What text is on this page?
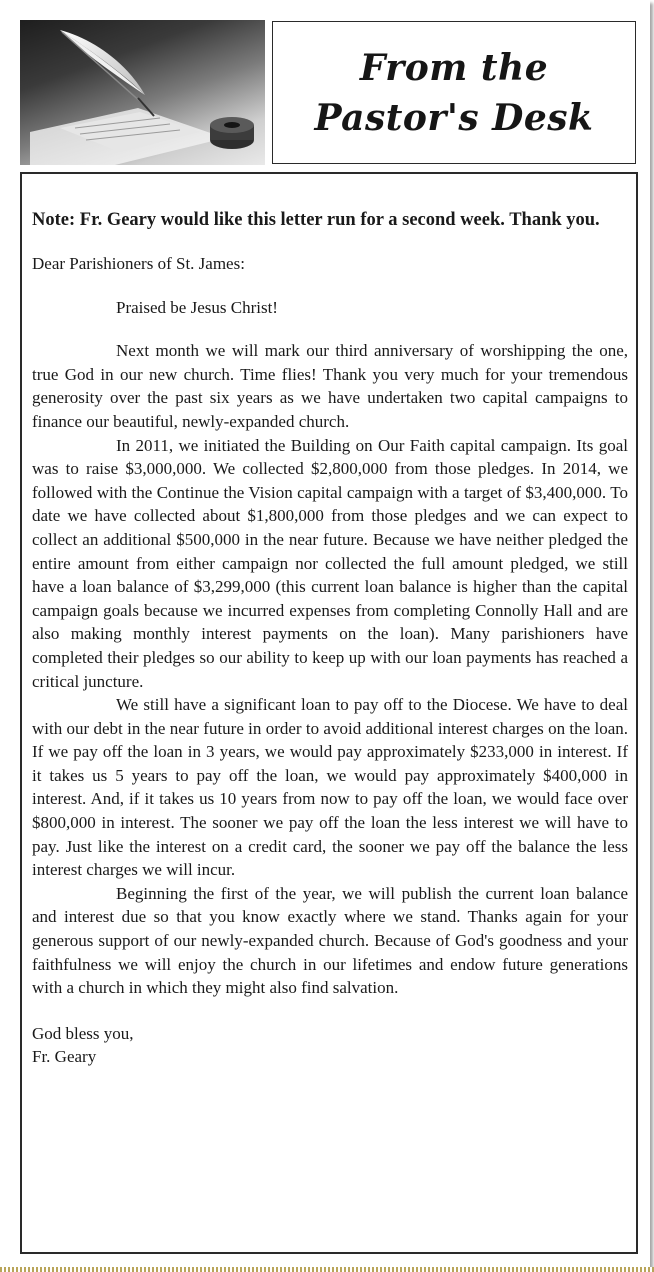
From the
Pastor's Desk

Note: Fr. Geary would like this letter run for a second week. Thank you.

Dear Parishioners of St. James:

Praised be Jesus Christ!

Next month we will mark our third anniversary of worshipping the one, true God in our new church. Time flies! Thank you very much for your tremendous generosity over the past six years as we have undertaken two capital campaigns to finance our beautiful, newly-expanded church.

In 2011, we initiated the Building on Our Faith capital campaign. Its goal was to raise $3,000,000. We collected $2,800,000 from those pledges. In 2014, we followed with the Continue the Vision capital campaign with a target of $3,400,000. To date we have collected about $1,800,000 from those pledges and we can expect to collect an additional $500,000 in the near future. Because we have neither pledged the entire amount from either campaign nor collected the full amount pledged, we still have a loan balance of $3,299,000 (this current loan balance is higher than the capital campaign goals because we incurred expenses from completing Connolly Hall and are also making monthly interest payments on the loan). Many parishioners have completed their pledges so our ability to keep up with our loan payments has reached a critical juncture.

We still have a significant loan to pay off to the Diocese. We have to deal with our debt in the near future in order to avoid additional interest charges on the loan. If we pay off the loan in 3 years, we would pay approximately $233,000 in interest. If it takes us 5 years to pay off the loan, we would pay approximately $400,000 in interest. And, if it takes us 10 years from now to pay off the loan, we would face over $800,000 in interest. The sooner we pay off the loan the less interest we will have to pay. Just like the interest on a credit card, the sooner we pay off the balance the less interest charges we will incur.

Beginning the first of the year, we will publish the current loan balance and interest due so that you know exactly where we stand. Thanks again for your generous support of our newly-expanded church. Because of God's goodness and your faithfulness we will enjoy the church in our lifetimes and endow future generations with a church in which they might also find salvation.

God bless you,
Fr. Geary
